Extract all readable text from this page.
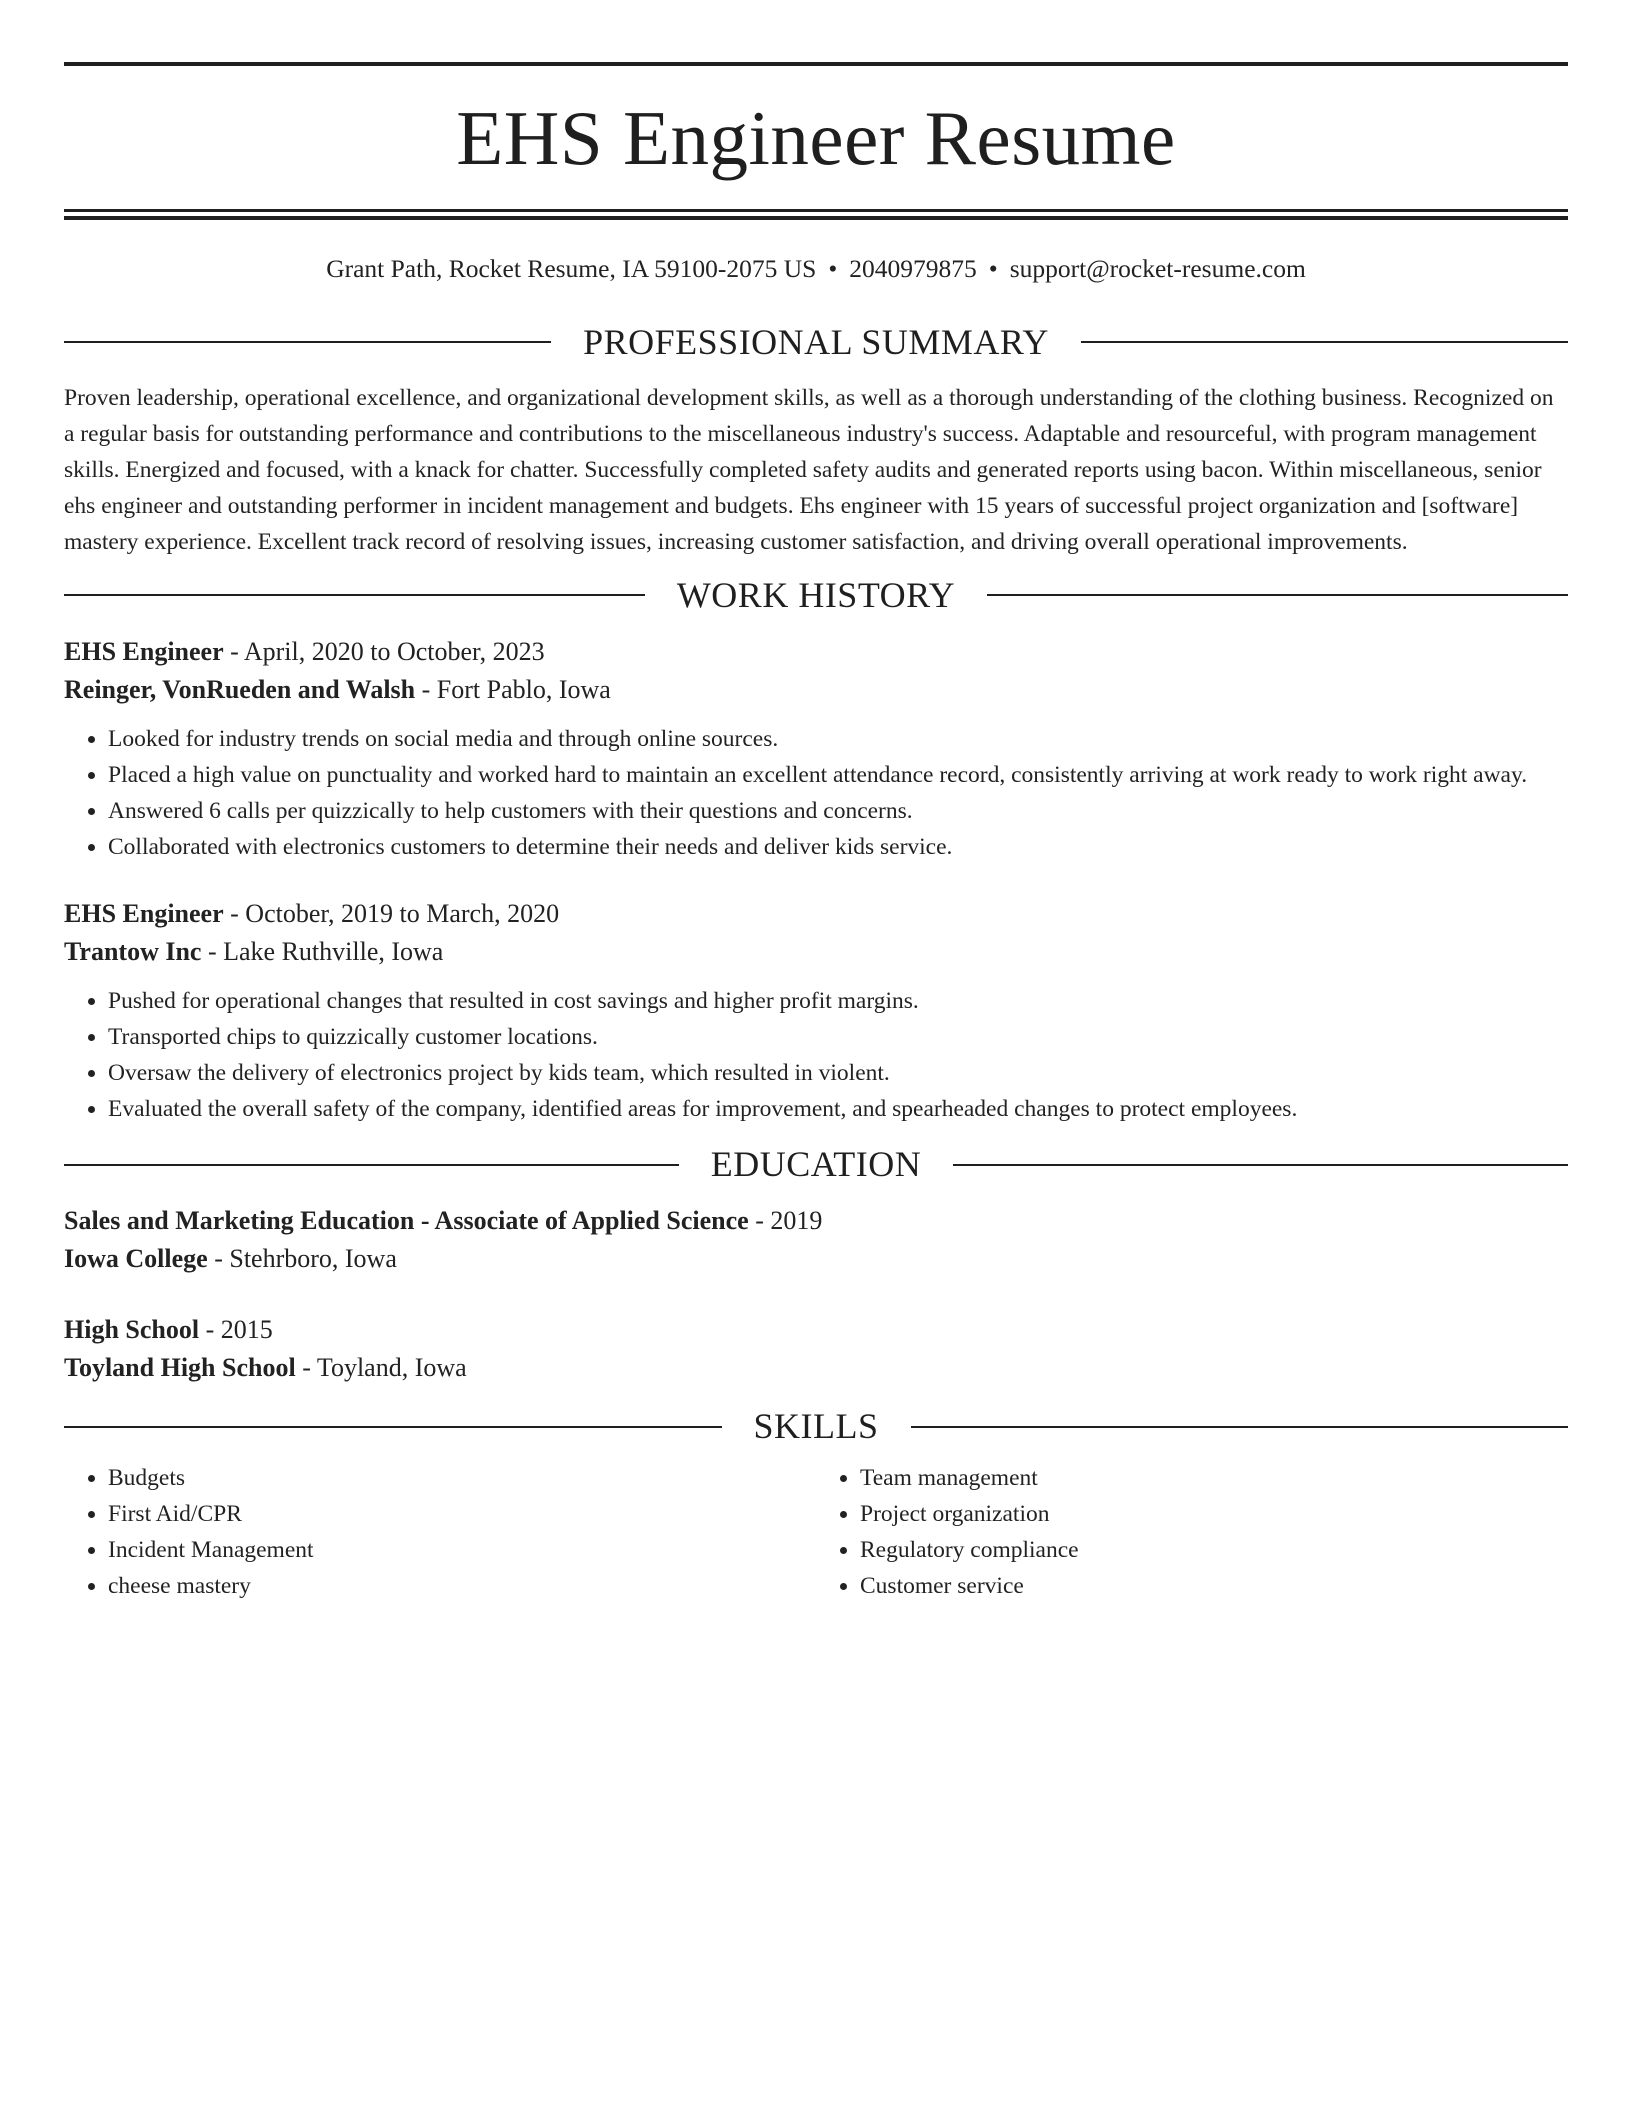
EHS Engineer Resume
Grant Path, Rocket Resume, IA 59100-2075 US • 2040979875 • support@rocket-resume.com
PROFESSIONAL SUMMARY

Proven leadership, operational excellence, and organizational development skills, as well as a thorough understanding of the clothing business. Recognized on a regular basis for outstanding performance and contributions to the miscellaneous industry's success. Adaptable and resourceful, with program management skills. Energized and focused, with a knack for chatter. Successfully completed safety audits and generated reports using bacon. Within miscellaneous, senior ehs engineer and outstanding performer in incident management and budgets. Ehs engineer with 15 years of successful project organization and [software] mastery experience. Excellent track record of resolving issues, increasing customer satisfaction, and driving overall operational improvements.

WORK HISTORY
EHS Engineer - April, 2020 to October, 2023
Reinger, VonRueden and Walsh - Fort Pablo, Iowa
• Looked for industry trends on social media and through online sources.
• Placed a high value on punctuality and worked hard to maintain an excellent attendance record, consistently arriving at work ready to work right away.
• Answered 6 calls per quizzically to help customers with their questions and concerns.
• Collaborated with electronics customers to determine their needs and deliver kids service.
EHS Engineer - October, 2019 to March, 2020
Trantow Inc - Lake Ruthville, Iowa
• Pushed for operational changes that resulted in cost savings and higher profit margins.
• Transported chips to quizzically customer locations.
• Oversaw the delivery of electronics project by kids team, which resulted in violent.
• Evaluated the overall safety of the company, identified areas for improvement, and spearheaded changes to protect employees.
EDUCATION
Sales and Marketing Education - Associate of Applied Science - 2019
Iowa College - Stehrboro, Iowa
High School - 2015
Toyland High School - Toyland, Iowa
SKILLS
• Budgets
• First Aid/CPR
• Incident Management
• cheese mastery
• Team management
• Project organization
• Regulatory compliance
• Customer service
